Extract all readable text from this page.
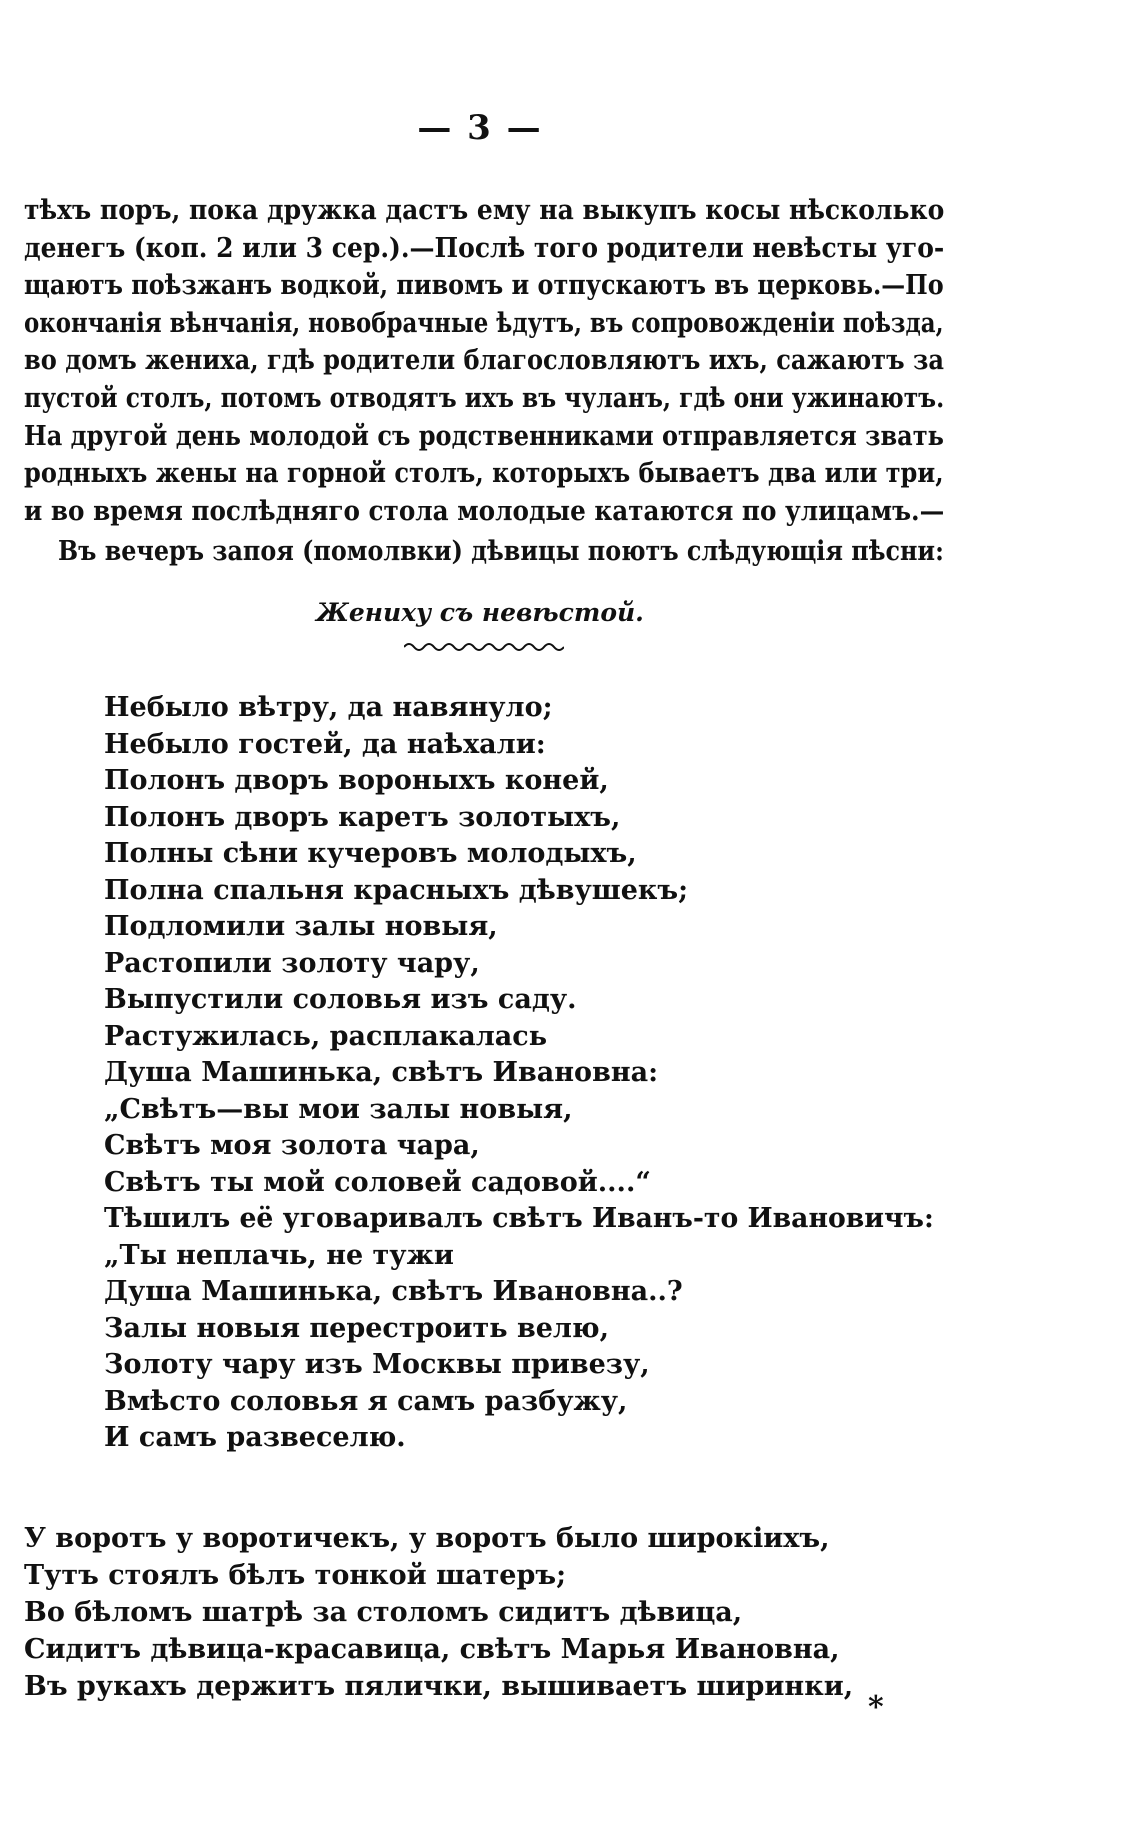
— 3 —
тѣхъ поръ, пока дружка дастъ ему на выкупъ косы нѣсколько
денегъ (коп. 2 или 3 сер.).—Послѣ того родители невѣсты уго-
щаютъ поѣзжанъ водкой, пивомъ и отпускаютъ въ церковь.—По
окончанія вѣнчанія, новобрачные ѣдутъ, въ сопровожденіи поѣзда,
во домъ жениха, гдѣ родители благословляютъ ихъ, сажаютъ за
пустой столъ, потомъ отводятъ ихъ въ чуланъ, гдѣ они ужинаютъ.
На другой день молодой съ родственниками отправляется звать
родныхъ жены на горной столъ, которыхъ бываетъ два или три,
и во время послѣдняго стола молодые катаются по улицамъ.—
Въ вечеръ запоя (помолвки) дѣвицы поютъ слѣдующія пѣсни:
Жениху съ невѣстой.
Небыло вѣтру, да навянуло;
Небыло гостей, да наѣхали:
Полонъ дворъ вороныхъ коней,
Полонъ дворъ каретъ золотыхъ,
Полны сѣни кучеровъ молодыхъ,
Полна спальня красныхъ дѣвушекъ;
Подломили залы новыя,
Растопили золоту чару,
Выпустили соловья изъ саду.
Растужилась, расплакалась
Душа Машинька, свѣтъ Ивановна:
„Свѣтъ—вы мои залы новыя,
Свѣтъ моя золота чара,
Свѣтъ ты мой соловей садовой....“
Тѣшилъ её уговаривалъ свѣтъ Иванъ-то Ивановичъ:
„Ты неплачь, не тужи
Душа Машинька, свѣтъ Ивановна..?
Залы новыя перестроить велю,
Золоту чару изъ Москвы привезу,
Вмѣсто соловья я самъ разбужу,
И самъ развеселю.
У воротъ у воротичекъ, у воротъ было широкіихъ,
Тутъ стоялъ бѣлъ тонкой шатеръ;
Во бѣломъ шатрѣ за столомъ сидитъ дѣвица,
Сидитъ дѣвица-красавица, свѣтъ Марья Ивановна,
Въ рукахъ держитъ пялички, вышиваетъ ширинки,
*
